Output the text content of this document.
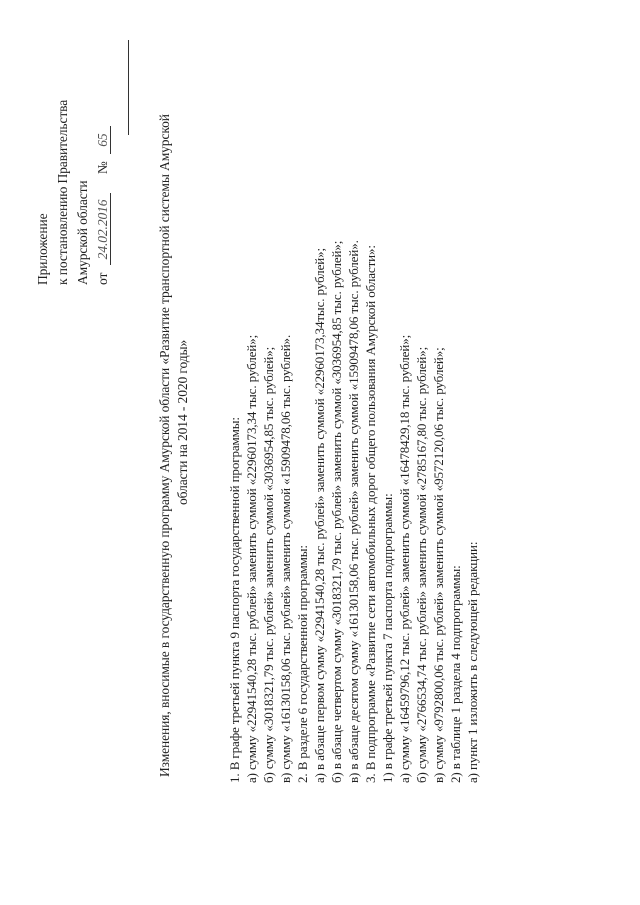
Приложение к постановлению Правительства Амурской области от 24.02.2016 № 65	Изменения, вносимые в государственную программу Амурской области «Развитие транспортной системы Амурской области на 2014 - 2020 годы»	1. В графе третьей пункта 9 паспорта государственной программы: а) сумму «22941540,28 тыс. рублей» заменить суммой «22960173,34 тыс. рублей»; б) сумму «3018321,79 тыс. рублей» заменить суммой «3036954,85 тыс. рублей»; в) сумму «16130158,06 тыс. рублей» заменить суммой «15909478,06 тыс. рублей». 2. В разделе 6 государственной программы: а) в абзаце первом сумму «22941540,28 тыс. рублей» заменить суммой «22960173,34тыс. рублей»; б) в абзаце четвертом сумму «3018321,79 тыс. рублей» заменить суммой «3036954,85 тыс. рублей»; в) в абзаце десятом сумму «16130158,06 тыс. рублей» заменить суммой «15909478,06 тыс. рублей». 3. В подпрограмме «Развитие сети автомобильных дорог общего пользования Амурской области»: 1) в графе третьей пункта 7 паспорта подпрограммы: а) сумму «16459796,12 тыс. рублей» заменить суммой «16478429,18 тыс. рублей»; б) сумму «2766534,74 тыс. рублей» заменить суммой «2785167,80 тыс. рублей»; в) сумму «9792800,06 тыс. рублей» заменить суммой «9572120,06 тыс. рублей»; 2) в таблице 1 раздела 4 подпрограммы: а) пункт 1 изложить в следующей редакции:
